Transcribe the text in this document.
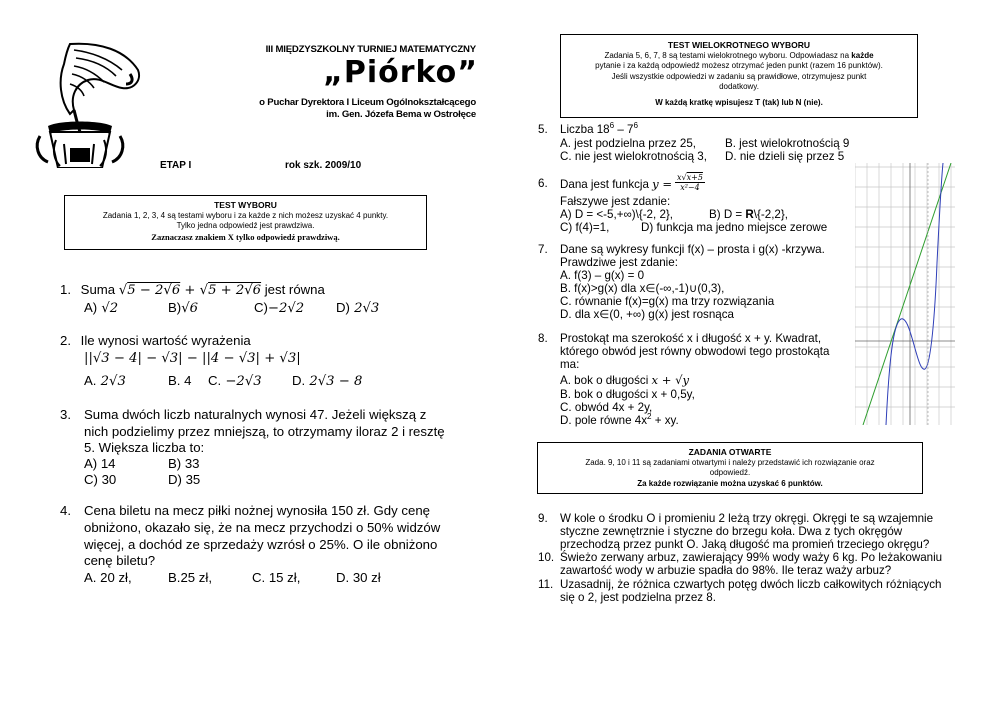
III MIĘDZYSZKOLNY TURNIEJ MATEMATYCZNY
„Piórko”
o Puchar Dyrektora I Liceum Ogólnokształcącego
im. Gen. Józefa Bema w Ostrołęce
ETAP I	rok szk. 2009/10
TEST WYBORU
Zadania 1, 2, 3, 4 są testami wyboru i za każde z nich możesz uzyskać 4 punkty.
Tylko jedna odpowiedź jest prawdziwa.
Zaznaczasz znakiem X tylko odpowiedź prawdziwą.
1. Suma √5 − 2√6 + √5 + 2√6 jest równa
A) √2	B)√6	C)−2√2 D) 2√3
2. Ile wynosi wartość wyrażenia
||√3 − 4| − √3| − ||4 − √3| + √3|
A. 2√3	B. 4 C. −2√3 D. 2√3 − 8
3. Suma dwóch liczb naturalnych wynosi 47. Jeżeli większą z
nich podzielimy przez mniejszą, to otrzymamy iloraz 2 i resztę
5. Większa liczba to:
A) 14	B) 33
C) 30	D) 35
4. Cena biletu na mecz piłki nożnej wynosiła 150 zł. Gdy cenę
obniżono, okazało się, że na mecz przychodzi o 50% widzów
więcej, a dochód ze sprzedaży wzrósł o 25%. O ile obniżono
cenę biletu?
A. 20 zł,	B.25 zł,	C. 15 zł,	D. 30 zł
TEST WIELOKROTNEGO WYBORU
Zadania 5, 6, 7, 8 są testami wielokrotnego wyboru. Odpowiadasz na każde
pytanie i za każdą odpowiedź możesz otrzymać jeden punkt (razem 16 punktów).
Jeśli wszystkie odpowiedzi w zadaniu są prawidłowe, otrzymujesz punkt
dodatkowy.
W każdą kratkę wpisujesz T (tak) lub N (nie).
5. Liczba $18^6 - 7^6$
A. jest podzielna przez 25,	B. jest wielokrotnością 9
C. nie jest wielokrotnością 3, D. nie dzieli się przez 5
6. Dana jest funkcja y = x√x+5
x²−4
Fałszywe jest zdanie:
A) D = <-5,+∞)\{-2, 2},	B) D = R\{-2,2},
C) f(4)=1,	D) funkcja ma jedno miejsce zerowe
7. Dane są wykresy funkcji f(x) – prosta i g(x) -krzywa.
Prawdziwe jest zdanie:
A. f(3) – g(x) = 0
B. f(x)>g(x) dla x∈(-∞,-1)∪(0,3),
C. równanie f(x)=g(x) ma trzy rozwiązania
D. dla x∈(0, +∞) g(x) jest rosnąca
8. Prostokąt ma szerokość x i długość x + y. Kwadrat,
którego obwód jest równy obwodowi tego prostokąta
ma:
A. bok o długości x + √y
B. bok o długości x + 0,5y,
C. obwód 4x + 2y,
D. pole równe $4x^2$ + xy.
ZADANIA OTWARTE
Zada. 9, 10 i 11 są zadaniami otwartymi i należy przedstawić ich rozwiązanie oraz
odpowiedź.
Za każde rozwiązanie można uzyskać 6 punktów.
9. W kole o środku O i promieniu 2 leżą trzy okręgi. Okręgi te są wzajemnie
styczne zewnętrznie i styczne do brzegu koła. Dwa z tych okręgów
przechodzą przez punkt O. Jaką długość ma promień trzeciego okręgu?
10. Świeżo zerwany arbuz, zawierający 99% wody waży 6 kg. Po leżakowaniu
zawartość wody w arbuzie spadła do 98%. Ile teraz waży arbuz?
11. Uzasadnij, że różnica czwartych potęg dwóch liczb całkowitych różniących
się o 2, jest podzielna przez 8.
